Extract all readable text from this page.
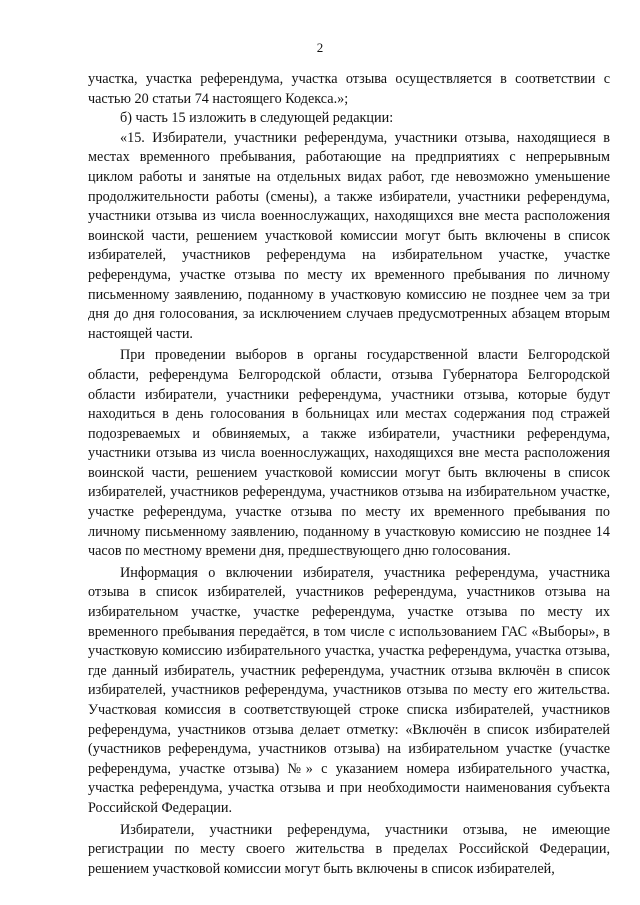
2

участка, участка референдума, участка отзыва осуществляется в соответствии с частью 20 статьи 74 настоящего Кодекса.»;

б) часть 15 изложить в следующей редакции:

«15. Избиратели, участники референдума, участники отзыва, находящиеся в местах временного пребывания, работающие на предприятиях с непрерывным циклом работы и занятые на отдельных видах работ, где невозможно уменьшение продолжительности работы (смены), а также избиратели, участники референдума, участники отзыва из числа военнослужащих, находящихся вне места расположения воинской части, решением участковой комиссии могут быть включены в список избирателей, участников референдума на избирательном участке, участке референдума, участке отзыва по месту их временного пребывания по личному письменному заявлению, поданному в участковую комиссию не позднее чем за три дня до дня голосования, за исключением случаев предусмотренных абзацем вторым настоящей части.

При проведении выборов в органы государственной власти Белгородской области, референдума Белгородской области, отзыва Губернатора Белгородской области избиратели, участники референдума, участники отзыва, которые будут находиться в день голосования в больницах или местах содержания под стражей подозреваемых и обвиняемых, а также избиратели, участники референдума, участники отзыва из числа военнослужащих, находящихся вне места расположения воинской части, решением участковой комиссии могут быть включены в список избирателей, участников референдума, участников отзыва на избирательном участке, участке референдума, участке отзыва по месту их временного пребывания по личному письменному заявлению, поданному в участковую комиссию не позднее 14 часов по местному времени дня, предшествующего дню голосования.

Информация о включении избирателя, участника референдума, участника отзыва в список избирателей, участников референдума, участников отзыва на избирательном участке, участке референдума, участке отзыва по месту их временного пребывания передаётся, в том числе с использованием ГАС «Выборы», в участковую комиссию избирательного участка, участка референдума, участка отзыва, где данный избиратель, участник референдума, участник отзыва включён в список избирателей, участников референдума, участников отзыва по месту его жительства. Участковая комиссия в соответствующей строке списка избирателей, участников референдума, участников отзыва делает отметку: «Включён в список избирателей (участников референдума, участников отзыва) на избирательном участке (участке референдума, участке отзыва) №» с указанием номера избирательного участка, участка референдума, участка отзыва и при необходимости наименования субъекта Российской Федерации.

Избиратели, участники референдума, участники отзыва, не имеющие регистрации по месту своего жительства в пределах Российской Федерации, решением участковой комиссии могут быть включены в список избирателей,
